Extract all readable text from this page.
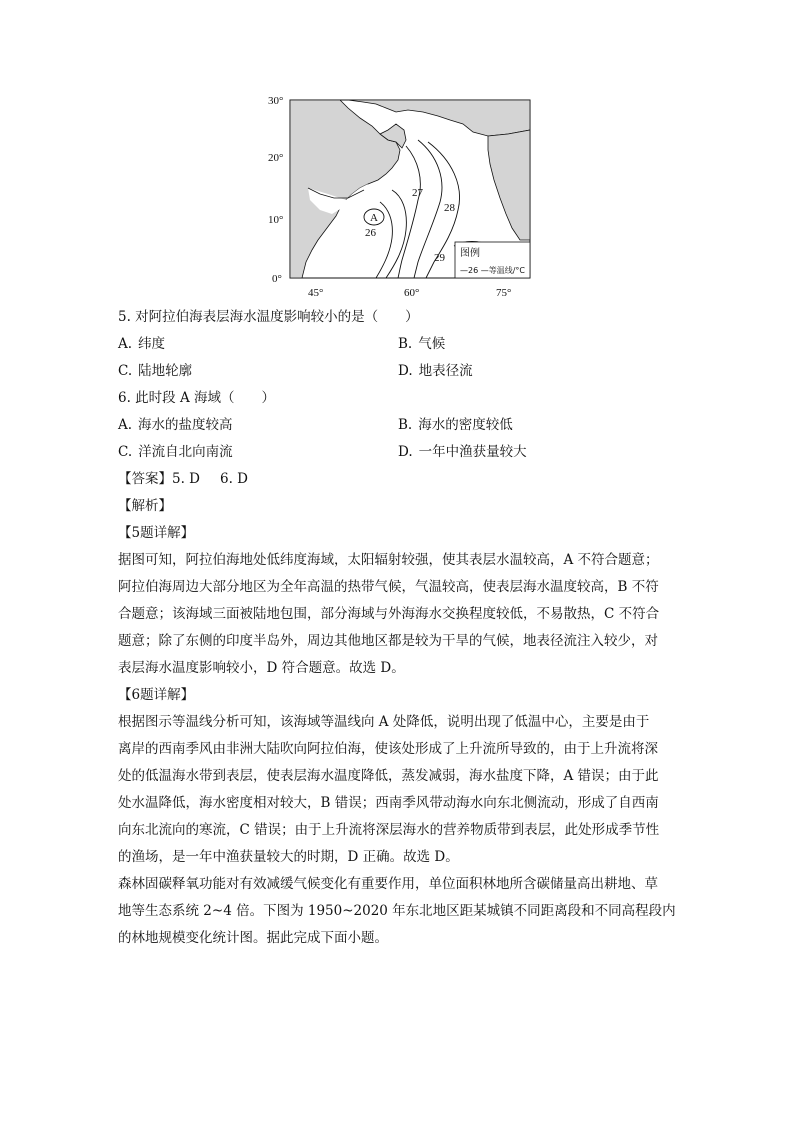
A
27
28
26
29 图例
—26 —等温线/°C
30°
20°
10°
0°
45°	60°	75°
5. 对阿拉伯海表层海水温度影响较小的是（　　）
A. 纬度	B. 气候
C. 陆地轮廓	D. 地表径流
6. 此时段 A 海域（　　）
A. 海水的盐度较高	B. 海水的密度较低
C. 洋流自北向南流	D. 一年中渔获量较大
【答案】5. D 6. D
【解析】
【5题详解】
据图可知，阿拉伯海地处低纬度海域，太阳辐射较强，使其表层水温较高，A 不符合题意；
阿拉伯海周边大部分地区为全年高温的热带气候，气温较高，使表层海水温度较高，B 不符
合题意；该海域三面被陆地包围，部分海域与外海海水交换程度较低，不易散热，C 不符合
题意；除了东侧的印度半岛外，周边其他地区都是较为干旱的气候，地表径流注入较少，对
表层海水温度影响较小，D 符合题意。故选 D。
【6题详解】
根据图示等温线分析可知，该海域等温线向 A 处降低，说明出现了低温中心，主要是由于
离岸的西南季风由非洲大陆吹向阿拉伯海，使该处形成了上升流所导致的，由于上升流将深
处的低温海水带到表层，使表层海水温度降低，蒸发减弱，海水盐度下降，A 错误；由于此
处水温降低，海水密度相对较大，B 错误；西南季风带动海水向东北侧流动，形成了自西南
向东北流向的寒流，C 错误；由于上升流将深层海水的营养物质带到表层，此处形成季节性
的渔场，是一年中渔获量较大的时期，D 正确。故选 D。
森林固碳释氧功能对有效减缓气候变化有重要作用，单位面积林地所含碳储量高出耕地、草
地等生态系统 2~4 倍。下图为 1950~2020 年东北地区距某城镇不同距离段和不同高程段内
的林地规模变化统计图。据此完成下面小题。
